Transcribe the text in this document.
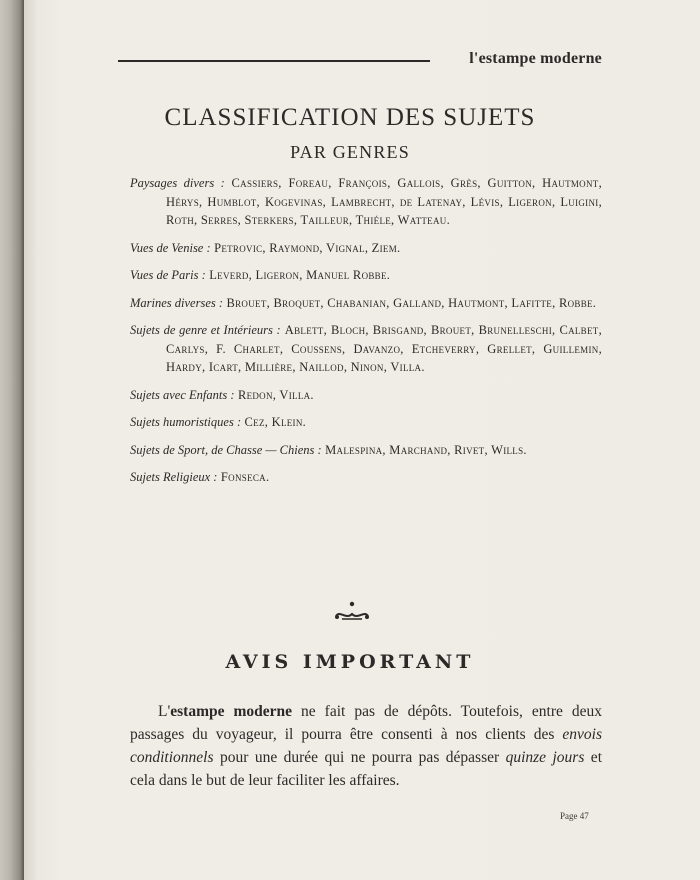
l'estampe moderne
CLASSIFICATION DES SUJETS
PAR GENRES

Paysages divers : Cassiers, Foreau, François, Gallois, Grès, Guitton, Hautmont, Hérys, Humblot, Kogevinas, Lambrecht, de Latenay, Lévis, Ligeron, Luigini, Roth, Serres, Sterkers, Tailleur, Thiéle, Watteau.

Vues de Venise : Petrovic, Raymond, Vignal, Ziem.

Vues de Paris : Leverd, Ligeron, Manuel Robbe.

Marines diverses : Brouet, Broquet, Chabanian, Galland, Hautmont, Lafitte, Robbe.

Sujets de genre et Intérieurs : Ablett, Bloch, Brisgand, Brouet, Brunelleschi, Calbet, Carlys, F. Charlet, Coussens, Davanzo, Etcheverry, Grellet, Guillemin, Hardy, Icart, Millière, Naillod, Ninon, Villa.

Sujets avec Enfants : Redon, Villa.

Sujets humoristiques : Cez, Klein.

Sujets de Sport, de Chasse — Chiens : Malespina, Marchand, Rivet, Wills.

Sujets Religieux : Fonseca.

AVIS IMPORTANT

L'estampe moderne ne fait pas de dépôts. Toutefois, entre deux passages du voyageur, il pourra être consenti à nos clients des envois conditionnels pour une durée qui ne pourra pas dépasser quinze jours et cela dans le but de leur faciliter les affaires.

Page 47
